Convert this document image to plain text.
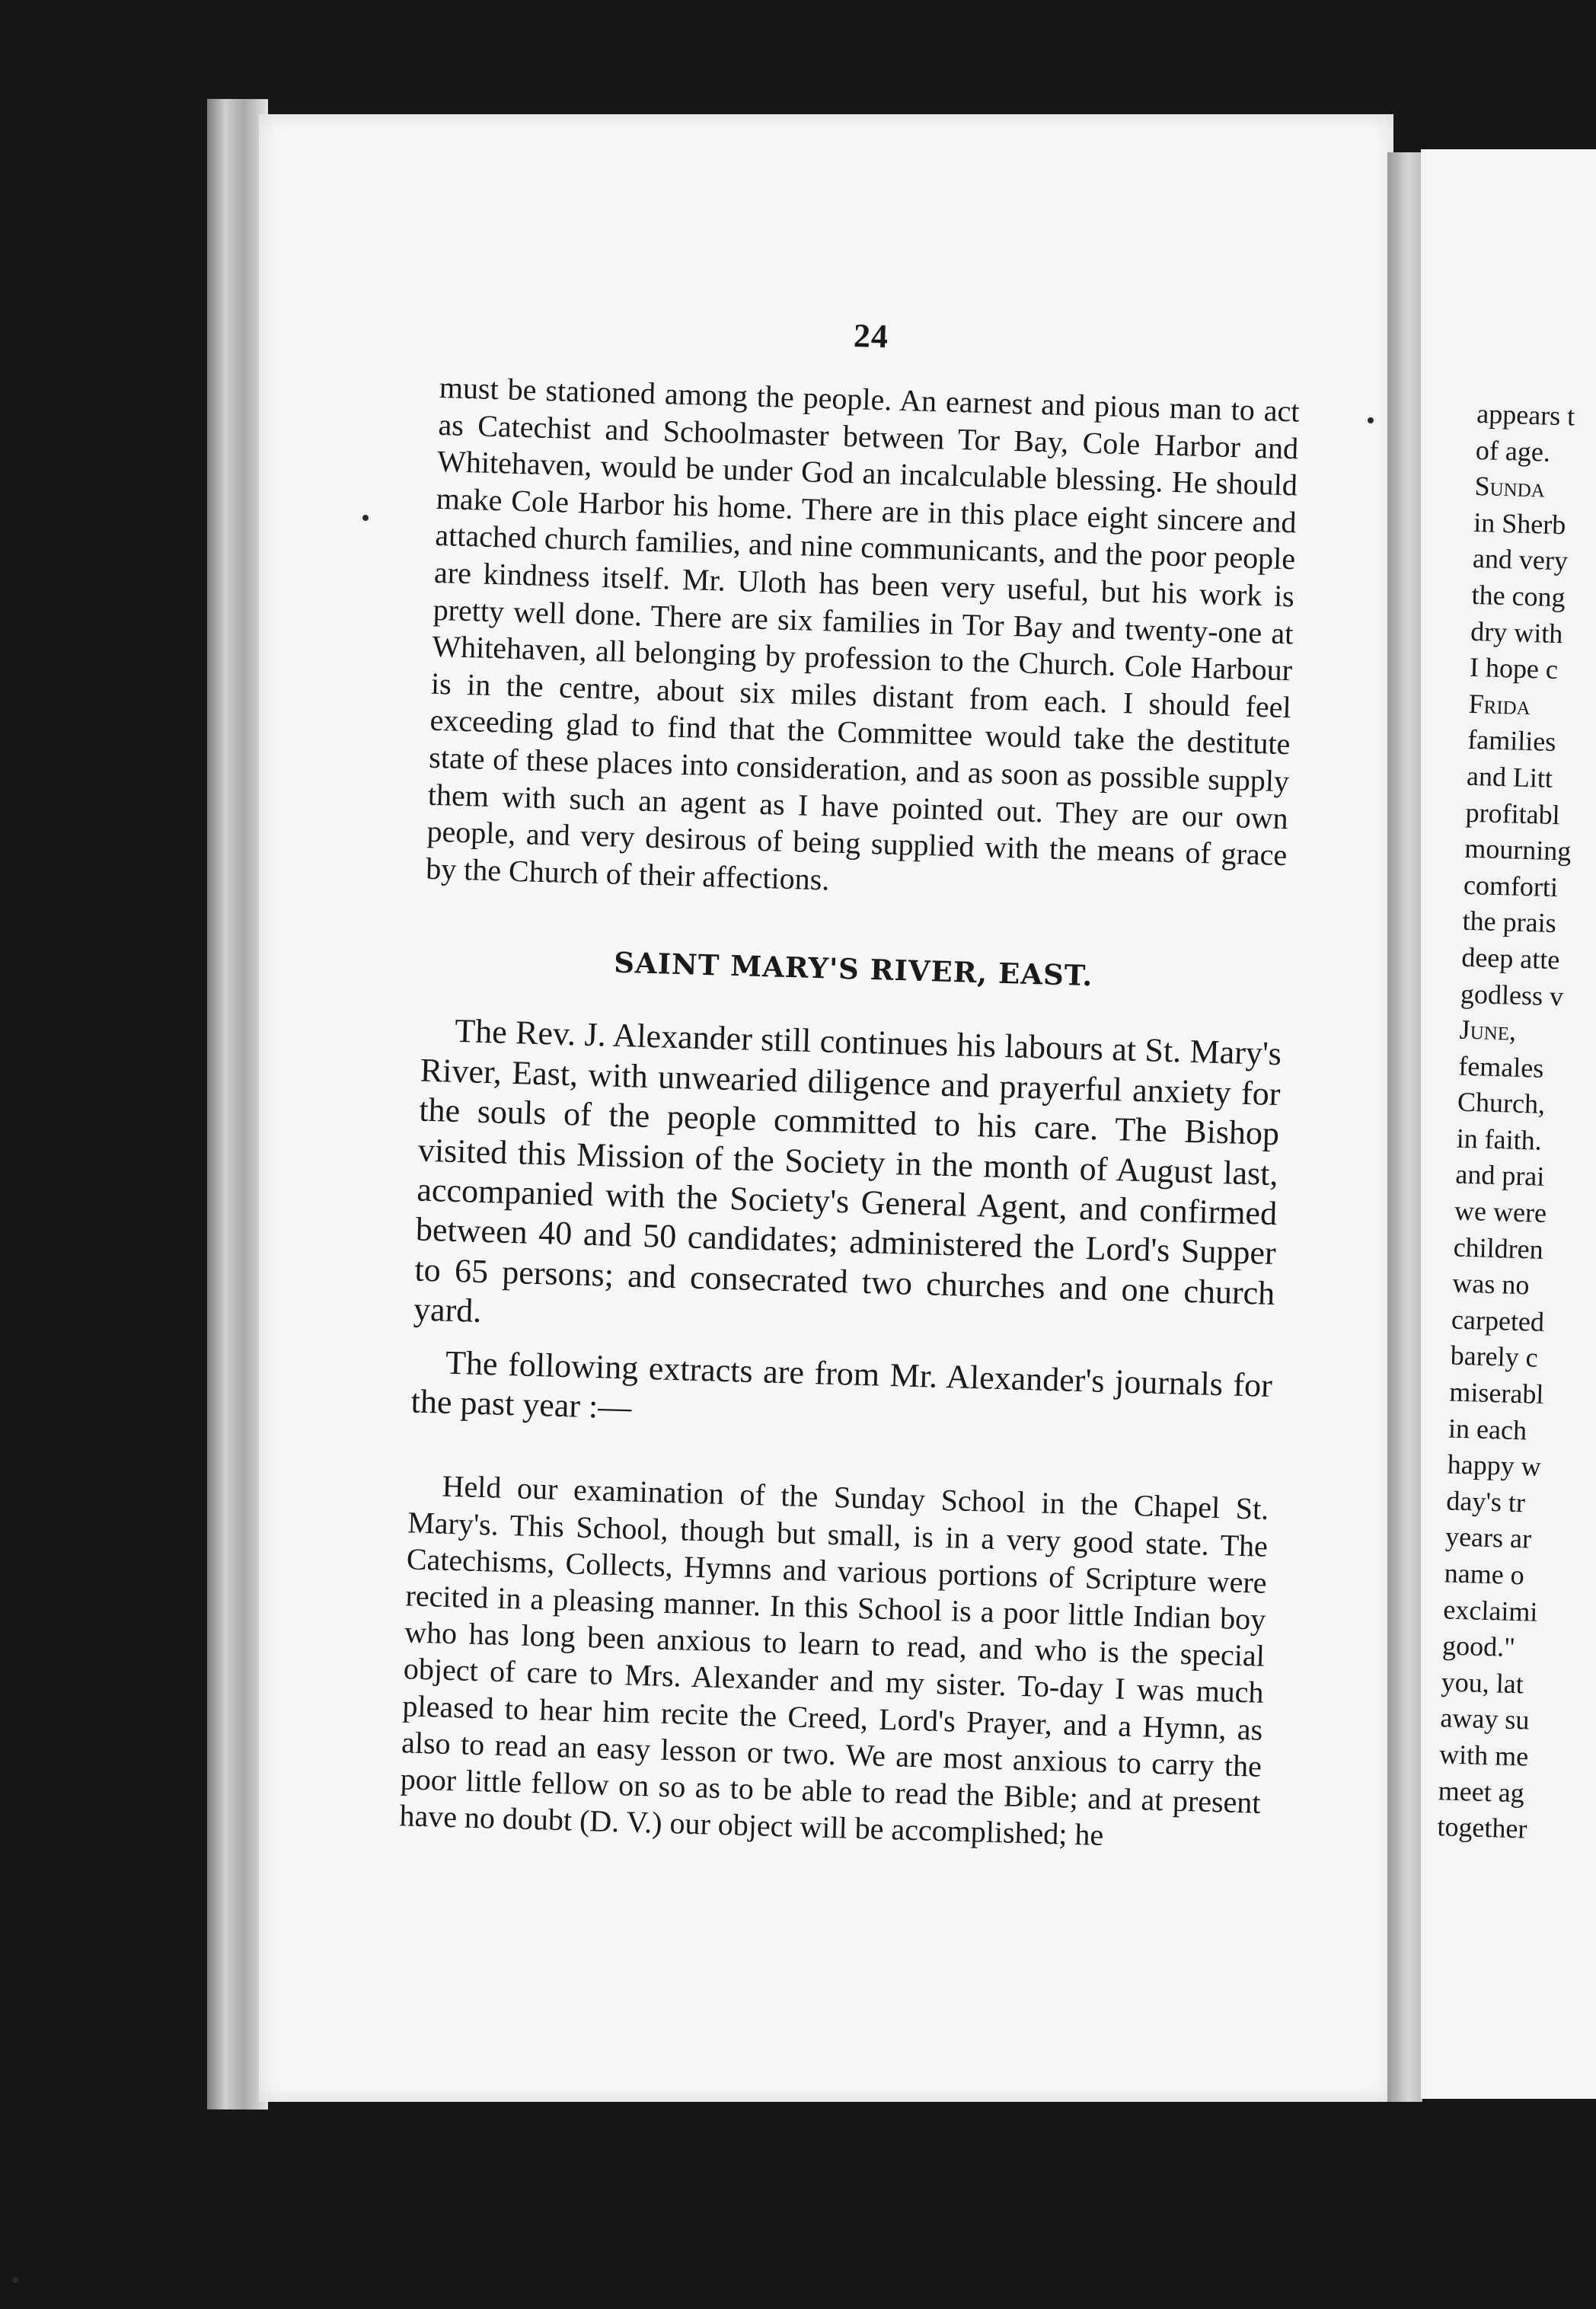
24

must be stationed among the people. An earnest and pious man to act as Catechist and Schoolmaster between Tor Bay, Cole Harbor and Whitehaven, would be under God an incalculable blessing. He should make Cole Harbor his home. There are in this place eight sincere and attached church families, and nine communicants, and the poor people are kindness itself. Mr. Uloth has been very useful, but his work is pretty well done. There are six families in Tor Bay and twenty-one at Whitehaven, all belonging by profession to the Church. Cole Harbour is in the centre, about six miles distant from each. I should feel exceeding glad to find that the Committee would take the destitute state of these places into consideration, and as soon as possible supply them with such an agent as I have pointed out. They are our own people, and very desirous of being supplied with the means of grace by the Church of their affections.

SAINT MARY'S RIVER, EAST.

The Rev. J. Alexander still continues his labours at St. Mary's River, East, with unwearied diligence and prayerful anxiety for the souls of the people committed to his care. The Bishop visited this Mission of the Society in the month of August last, accompanied with the Society's General Agent, and confirmed between 40 and 50 candidates; administered the Lord's Supper to 65 persons; and consecrated two churches and one church yard.

The following extracts are from Mr. Alexander's journals for the past year :—

Held our examination of the Sunday School in the Chapel St. Mary's. This School, though but small, is in a very good state. The Catechisms, Collects, Hymns and various portions of Scripture were recited in a pleasing manner. In this School is a poor little Indian boy who has long been anxious to learn to read, and who is the special object of care to Mrs. Alexander and my sister. To-day I was much pleased to hear him recite the Creed, Lord's Prayer, and a Hymn, as also to read an easy lesson or two. We are most anxious to carry the poor little fellow on so as to be able to read the Bible; and at present have no doubt (D. V.) our object will be accomplished; he

appears t
of age.
Sunda
in Sherb
and very
the cong
dry with
I hope c
Frida
families
and Litt
profitabl
mourning
comforti
the prais
deep atte
godless v
June,
females
Church,
in faith.
and prai
we were
children
was no
carpeted
barely c
miserabl
in each
happy w
day's tr
years ar
name o
exclaimi
good."
you, lat
away su
with me
meet ag
together
